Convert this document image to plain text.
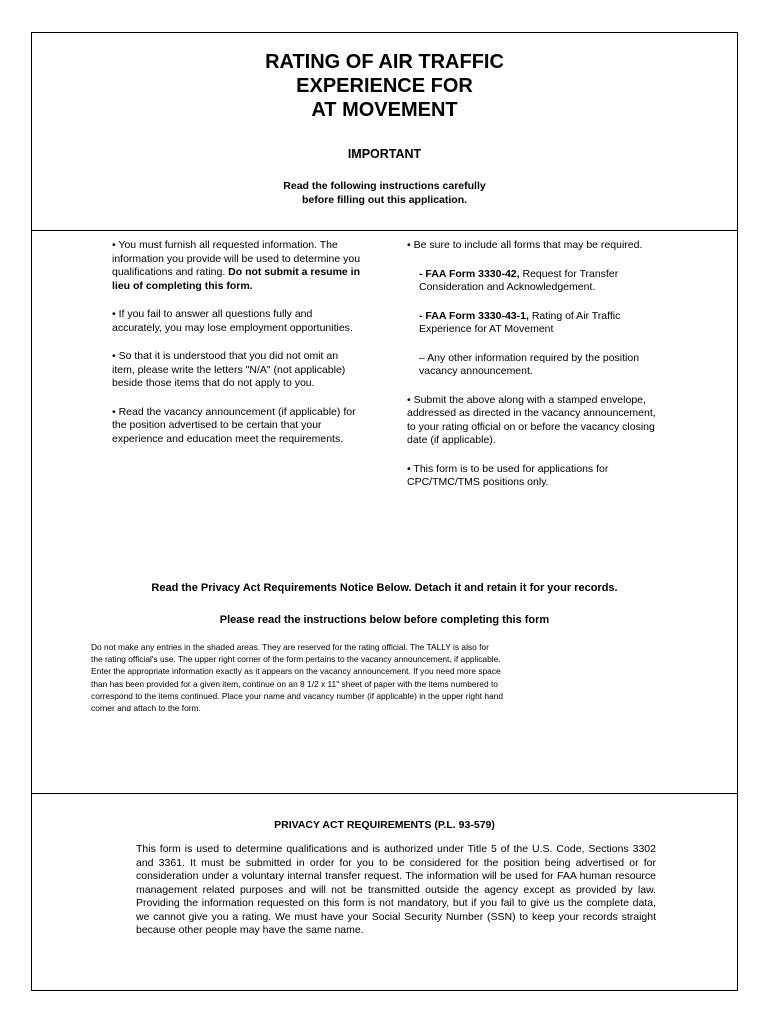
RATING OF AIR TRAFFIC
EXPERIENCE FOR
AT MOVEMENT
IMPORTANT
Read the following instructions carefully
before filling out this application.

• You must furnish all requested information. The information you provide will be used to determine you qualifications and rating. Do not submit a resume in lieu of completing this form.

• If you fail to answer all questions fully and accurately, you may lose employment opportunities.

• So that it is understood that you did not omit an item, please write the letters "N/A" (not applicable) beside those items that do not apply to you.

• Read the vacancy announcement (if applicable) for the position advertised to be certain that your experience and education meet the requirements.

• Be sure to include all forms that may be required.

- FAA Form 3330-42, Request for Transfer Consideration and Acknowledgement.

- FAA Form 3330-43-1, Rating of Air Traffic Experience for AT Movement

– Any other information required by the position vacancy announcement.

• Submit the above along with a stamped envelope, addressed as directed in the vacancy announcement, to your rating official on or before the vacancy closing date (if applicable).

• This form is to be used for applications for CPC/TMC/TMS positions only.

Read the Privacy Act Requirements Notice Below. Detach it and retain it for your records.
Please read the instructions below before completing this form
Do not make any entries in the shaded areas. They are reserved for the rating official. The TALLY is also for
the rating official's use. The upper right corner of the form pertains to the vacancy announcement, if applicable.
Enter the appropriate information exactly as it appears on the vacancy announcement. If you need more space
than has been provided for a given item, continue on an 8 1/2 x 11" sheet of paper with the items numbered to
correspond to the items continued. Place your name and vacancy number (if applicable) in the upper right hand
corner and attach to the form.
PRIVACY ACT REQUIREMENTS (P.L. 93-579)

This form is used to determine qualifications and is authorized under Title 5 of the U.S. Code, Sections 3302 and 3361. It must be submitted in order for you to be considered for the position being advertised or for consideration under a voluntary internal transfer request. The information will be used for FAA human resource management related purposes and will not be transmitted outside the agency except as provided by law. Providing the information requested on this form is not mandatory, but if you fail to give us the complete data, we cannot give you a rating. We must have your Social Security Number (SSN) to keep your records straight because other people may have the same name.
